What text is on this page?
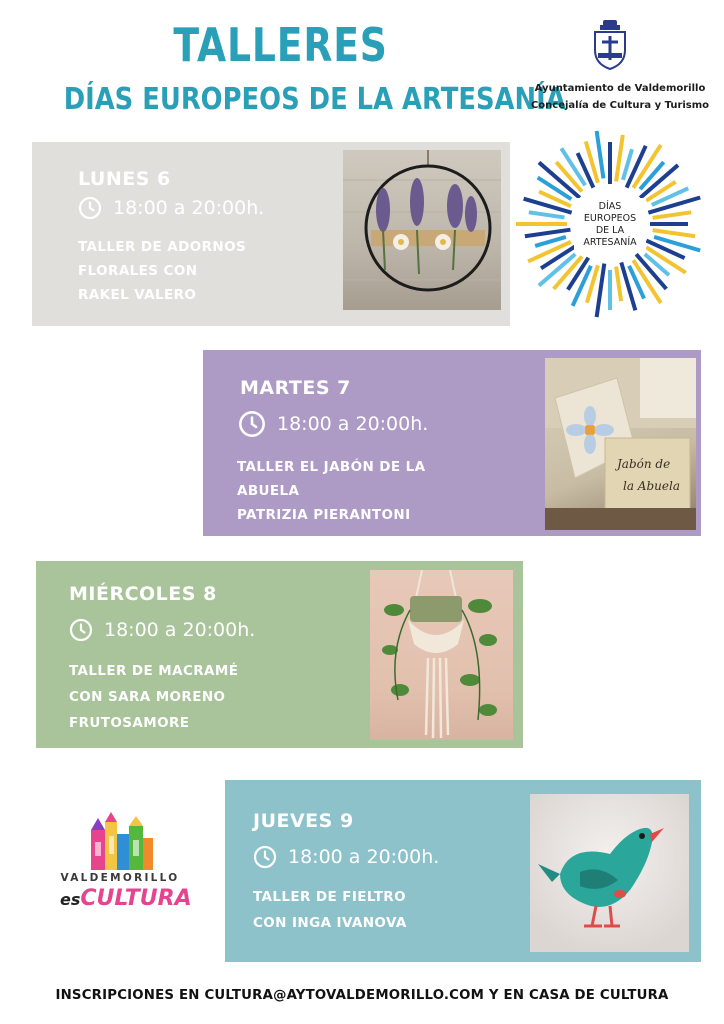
TALLERES
DÍAS EUROPEOS DE LA ARTESANÍA
Ayuntamiento de Valdemorillo
Concejalía de Cultura y Turismo
DÍAS
EUROPEOS
DE LA
ARTESANÍA
LUNES 6
18:00 a 20:00h.
TALLER DE ADORNOS
FLORALES CON
RAKEL VALERO
MARTES 7
18:00 a 20:00h.
TALLER EL JABÓN DE LA
ABUELA
PATRIZIA PIERANTONI
Jabón de
la Abuela
MIÉRCOLES 8
18:00 a 20:00h.
TALLER DE MACRAMÉ
CON SARA MORENO
FRUTOSAMORE
JUEVES 9
18:00 a 20:00h.
TALLER DE FIELTRO
CON INGA IVANOVA
VALDEMORILLO
esCULTURA
INSCRIPCIONES EN CULTURA@AYTOVALDEMORILLO.COM Y EN CASA DE CULTURA
